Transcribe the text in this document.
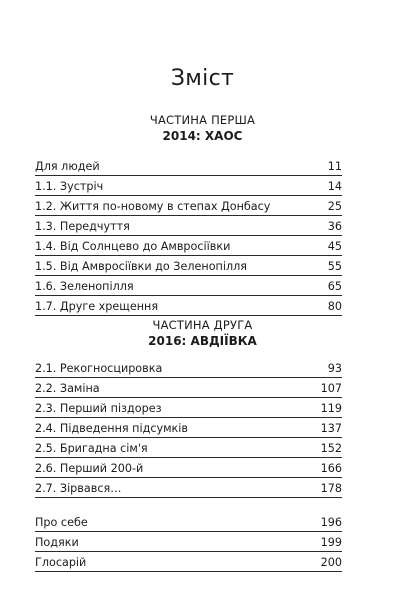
Зміст
ЧАСТИНА ПЕРША
2014: ХАОС
Для людей	11
1.1. Зустріч	14
1.2. Життя по-новому в степах Донбасу	25
1.3. Передчуття	36
1.4. Від Солнцево до Амвросіївки	45
1.5. Від Амвросіївки до Зеленопілля	55
1.6. Зеленопілля	65
1.7. Друге хрещення	80
ЧАСТИНА ДРУГА
2016: АВДІЇВКА
2.1. Рекогносцировка	93
2.2. Заміна	107
2.3. Перший піздорез	119
2.4. Підведення підсумків	137
2.5. Бригадна сім'я	152
2.6. Перший 200-й	166
2.7. Зірвався…	178
Про себе	196
Подяки	199
Глосарій	200
